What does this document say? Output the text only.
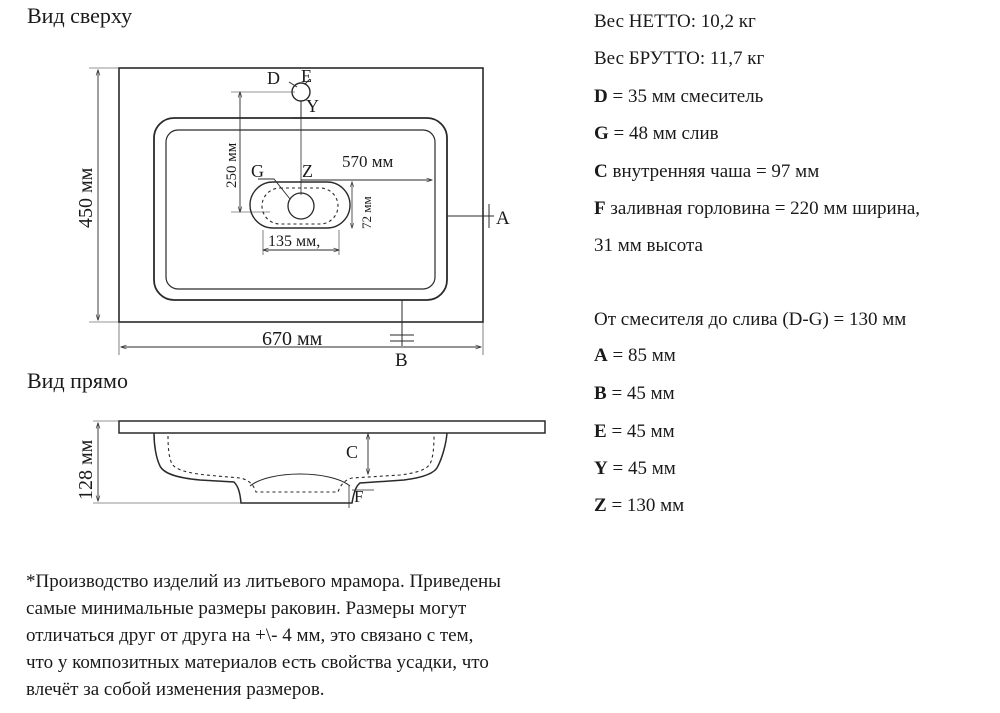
Вид сверху
D E
Y
250 мм	Z 570 мм
G
72 мм
135 мм,
A
B
450 мм
670 мм
Вид прямо
C
F
128 мм
Вес НЕТТО: 10,2 кг
Вес БРУТТО: 11,7 кг
D = 35 мм смеситель
G = 48 мм слив
C внутренняя чаша = 97 мм
F заливная горловина = 220 мм ширина,
31 мм высота
От смесителя до слива (D-G) = 130 мм
A = 85 мм
B = 45 мм
E = 45 мм
Y = 45 мм
Z = 130 мм
*Производство изделий из литьевого мрамора. Приведены
самые минимальные размеры раковин. Размеры могут
отличаться друг от друга на +\- 4 мм, это связано с тем,
что у композитных материалов есть свойства усадки, что
влечёт за собой изменения размеров.
